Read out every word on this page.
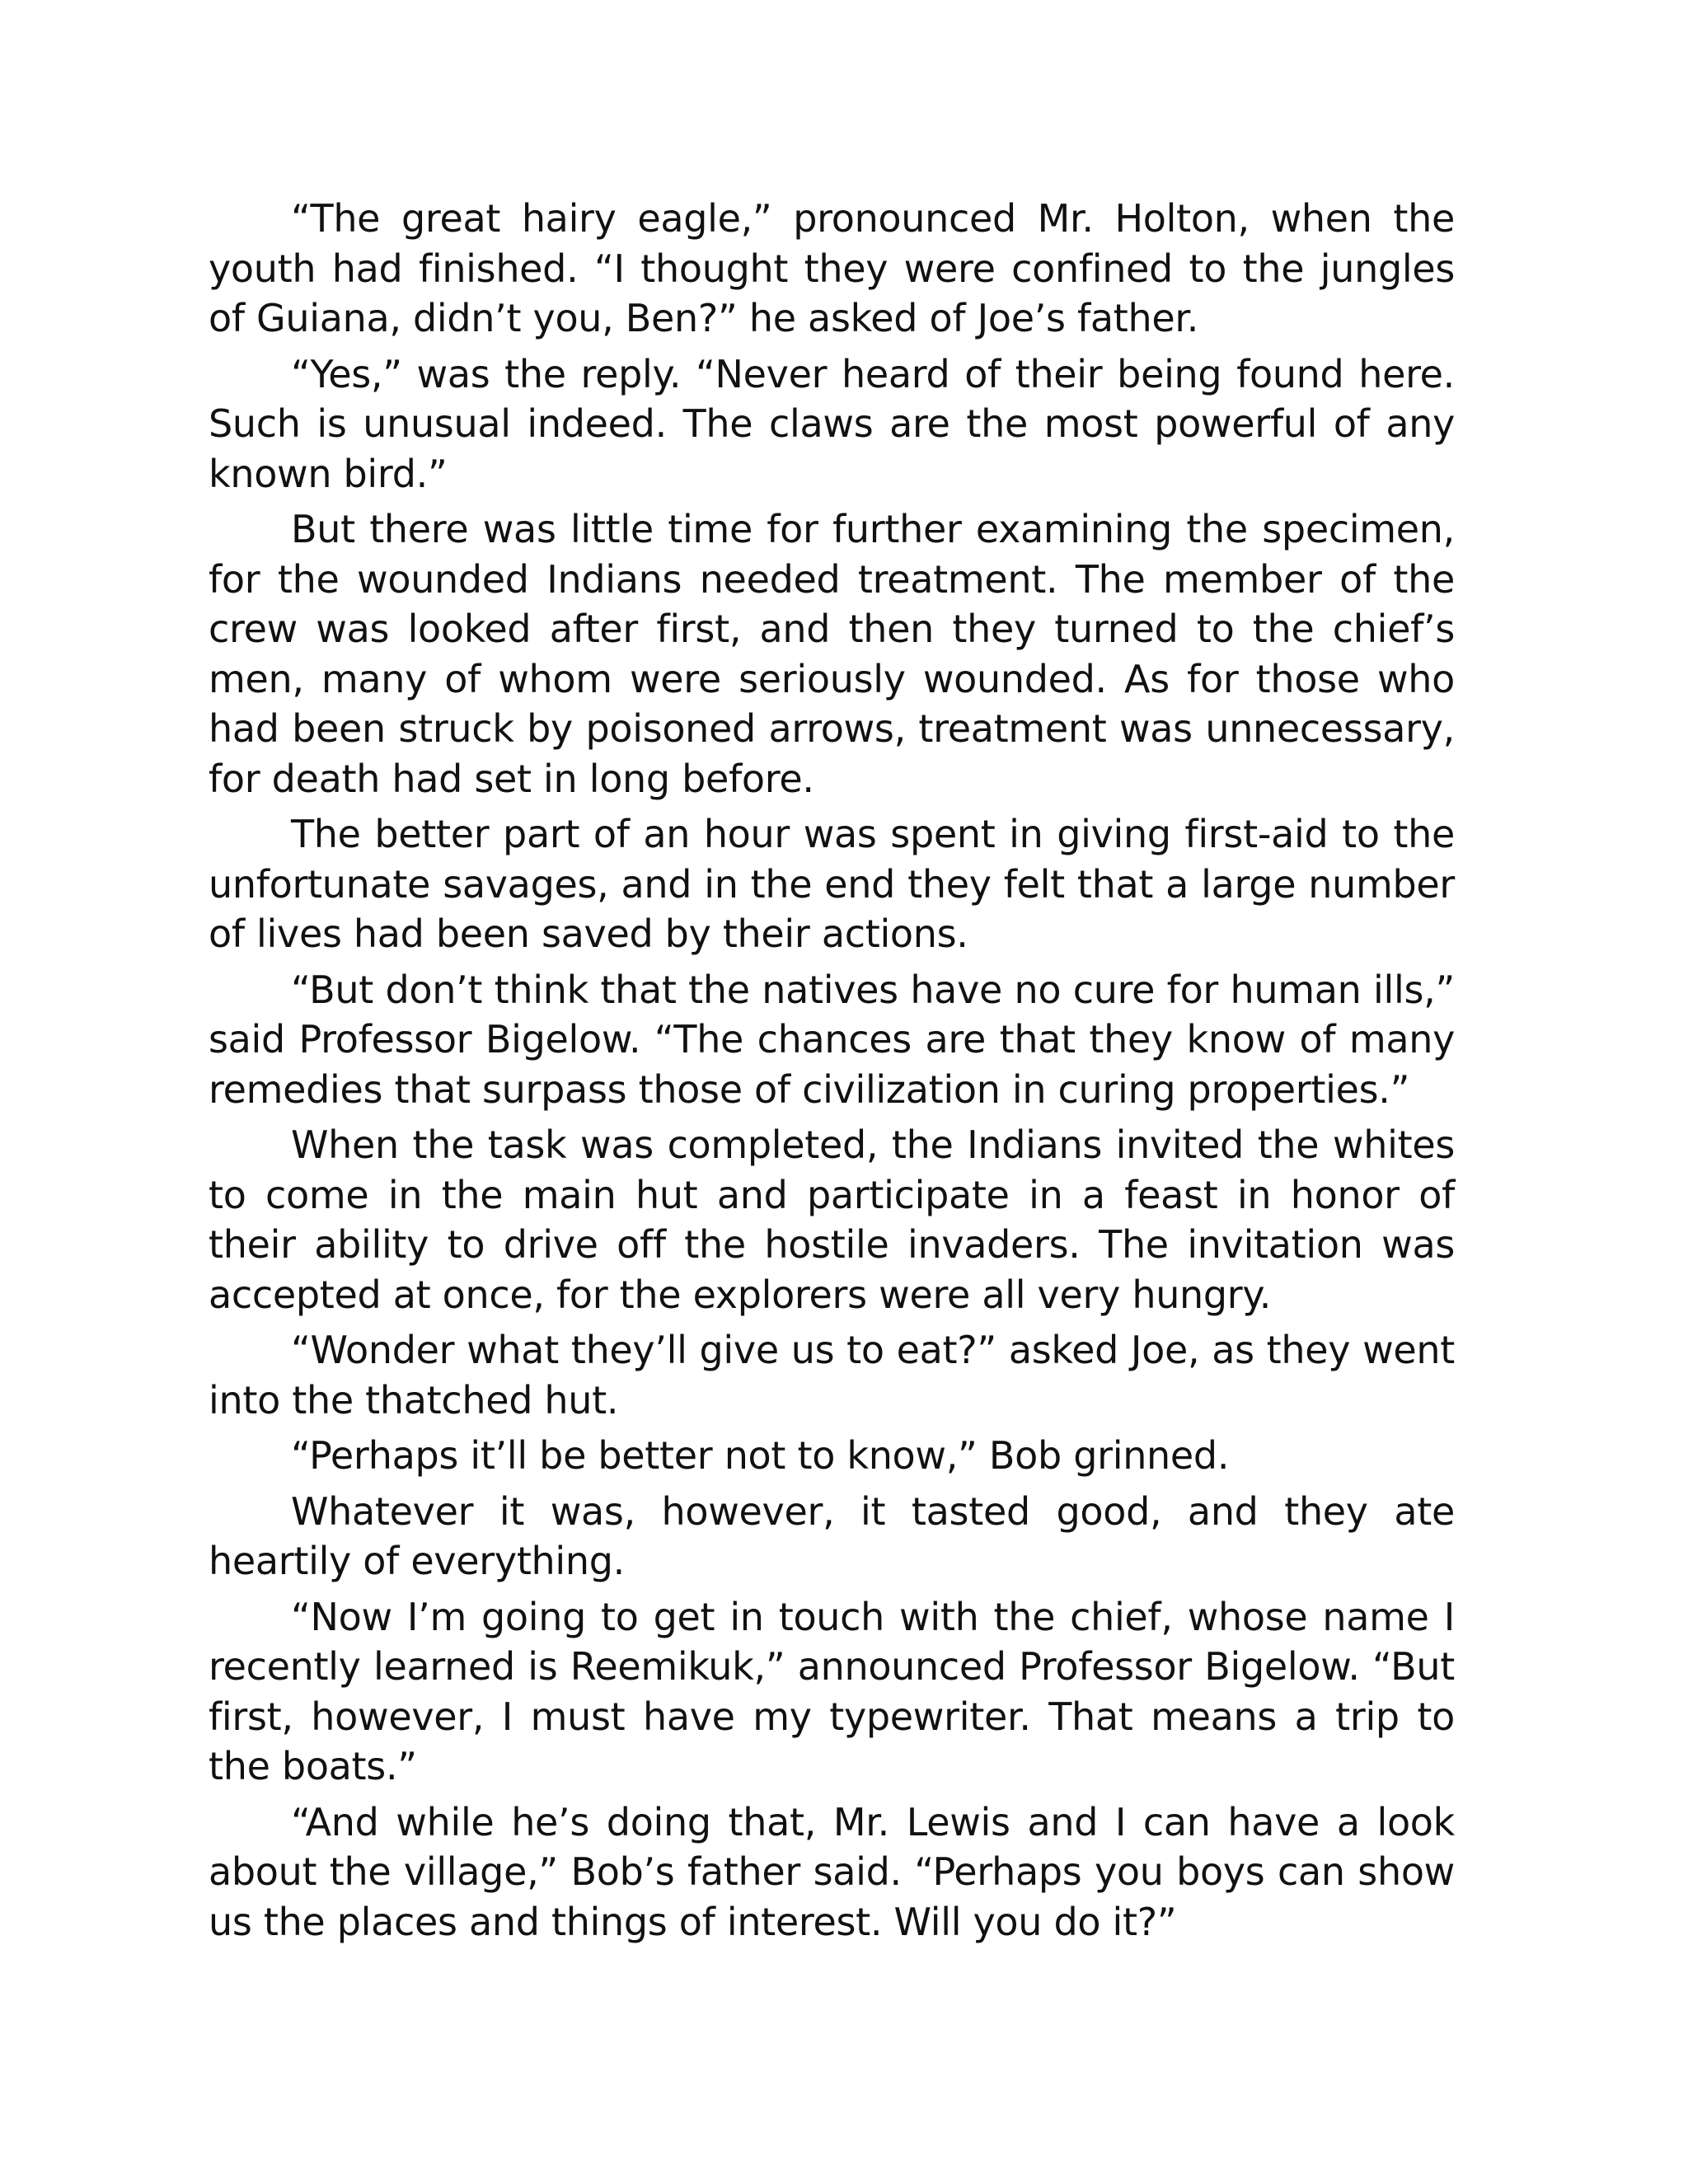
“The great hairy eagle,” pronounced Mr. Holton, when the youth had finished. “I thought they were confined to the jungles of Guiana, didn’t you, Ben?” he asked of Joe’s father.

“Yes,” was the reply. “Never heard of their being found here. Such is unusual indeed. The claws are the most powerful of any known bird.”

But there was little time for further examining the specimen, for the wounded Indians needed treatment. The member of the crew was looked after first, and then they turned to the chief’s men, many of whom were seriously wounded. As for those who had been struck by poisoned arrows, treatment was unnecessary, for death had set in long before.

The better part of an hour was spent in giving first-aid to the unfortunate savages, and in the end they felt that a large number of lives had been saved by their actions.

“But don’t think that the natives have no cure for human ills,” said Professor Bigelow. “The chances are that they know of many remedies that surpass those of civilization in curing properties.”

When the task was completed, the Indians invited the whites to come in the main hut and participate in a feast in honor of their ability to drive off the hostile invaders. The invitation was accepted at once, for the explorers were all very hungry.

“Wonder what they’ll give us to eat?” asked Joe, as they went into the thatched hut.

“Perhaps it’ll be better not to know,” Bob grinned.

Whatever it was, however, it tasted good, and they ate heartily of everything.

“Now I’m going to get in touch with the chief, whose name I recently learned is Reemikuk,” announced Professor Bigelow. “But first, however, I must have my typewriter. That means a trip to the boats.”

“And while he’s doing that, Mr. Lewis and I can have a look about the village,” Bob’s father said. “Perhaps you boys can show us the places and things of interest. Will you do it?”
